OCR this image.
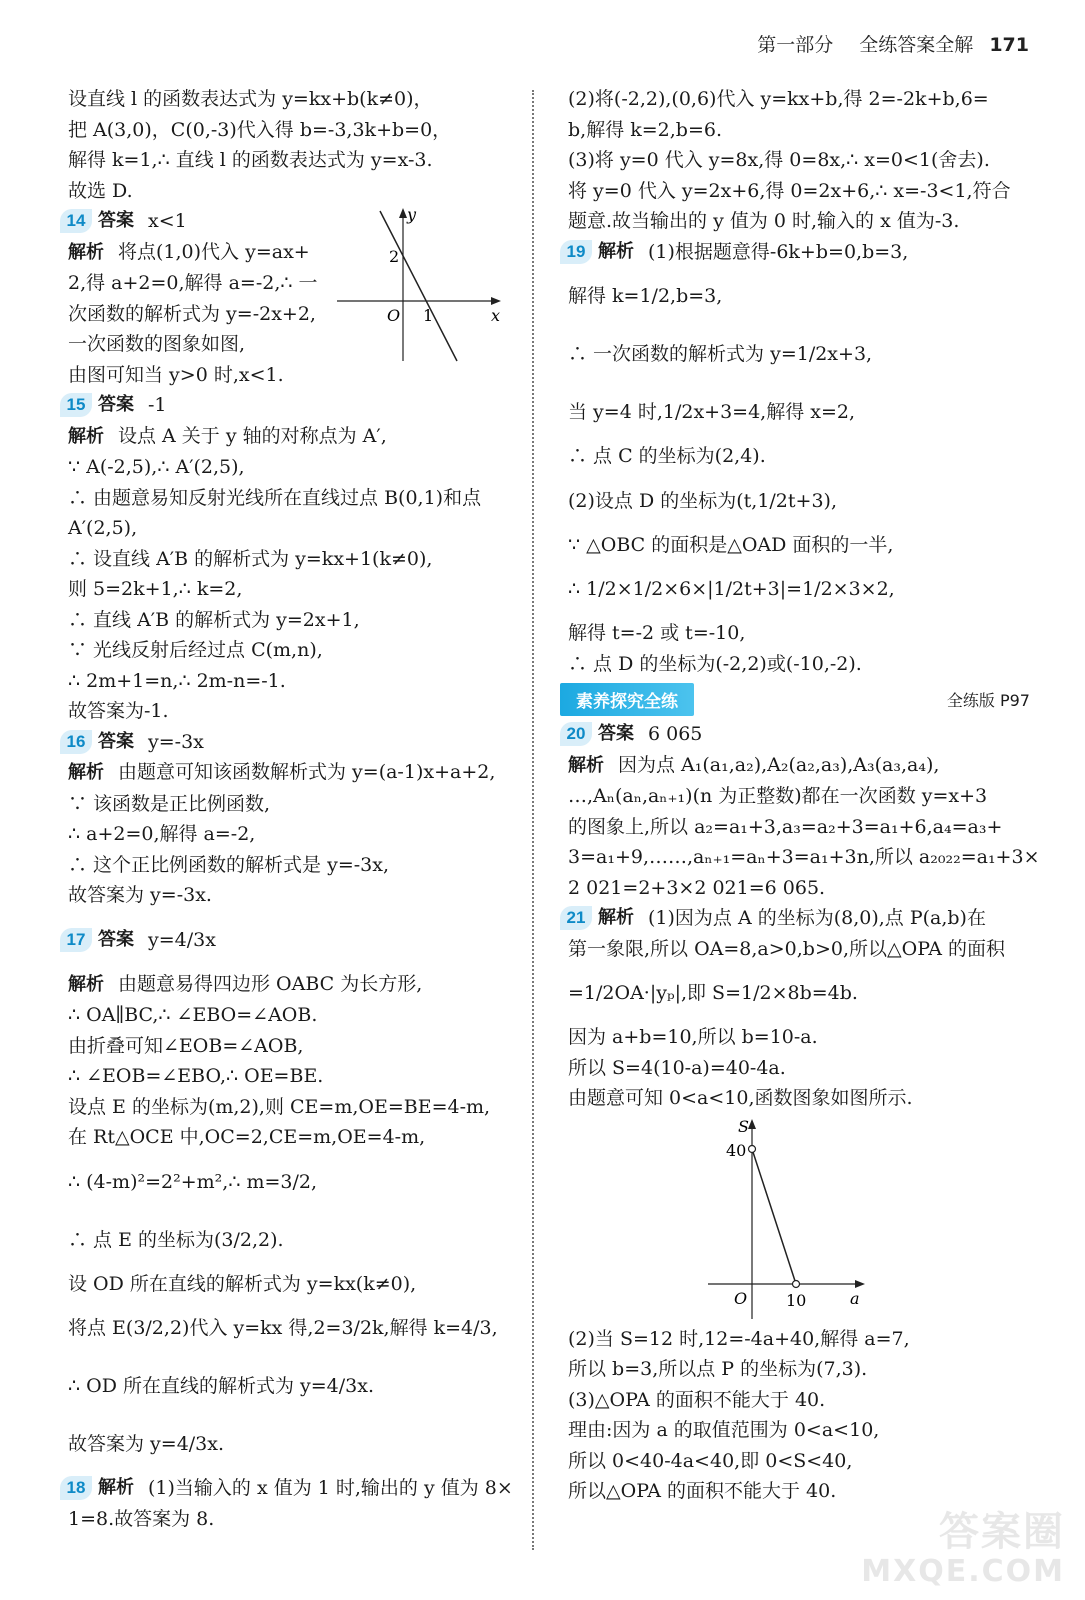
第一部分 全练答案全解 171
设直线 l 的函数表达式为 y=kx+b(k≠0)，
把 A(3,0)，C(0,-3)代入得 b=-3,3k+b=0，
解得 k=1,∴ 直线 l 的函数表达式为 y=x-3.
故选 D.
14 答案 x<1
解析 将点(1,0)代入 y=ax+
2,得 a+2=0,解得 a=-2,∴ 一
次函数的解析式为 y=-2x+2,
一次函数的图象如图,
由图可知当 y>0 时,x<1.
y
x
O
2
1
15 答案 -1
解析 设点 A 关于 y 轴的对称点为 A′,
∵ A(-2,5),∴ A′(2,5),
∴ 由题意易知反射光线所在直线过点 B(0,1)和点
A′(2,5),
∴ 设直线 A′B 的解析式为 y=kx+1(k≠0),
则 5=2k+1,∴ k=2,
∴ 直线 A′B 的解析式为 y=2x+1,
∵ 光线反射后经过点 C(m,n),
∴ 2m+1=n,∴ 2m-n=-1.
故答案为-1.
16 答案 y=-3x
解析 由题意可知该函数解析式为 y=(a-1)x+a+2,
∵ 该函数是正比例函数,
∴ a+2=0,解得 a=-2,
∴ 这个正比例函数的解析式是 y=-3x,
故答案为 y=-3x.
17 答案 y=4/3x
解析 由题意易得四边形 OABC 为长方形,
∴ OA∥BC,∴ ∠EBO=∠AOB.
由折叠可知∠EOB=∠AOB,
∴ ∠EOB=∠EBO,∴ OE=BE.
设点 E 的坐标为(m,2),则 CE=m,OE=BE=4-m,
在 Rt△OCE 中,OC=2,CE=m,OE=4-m,
∴ (4-m)²=2²+m²,∴ m=3/2,
∴ 点 E 的坐标为(3/2,2).
设 OD 所在直线的解析式为 y=kx(k≠0),
将点 E(3/2,2)代入 y=kx 得,2=3/2k,解得 k=4/3,
∴ OD 所在直线的解析式为 y=4/3x.
故答案为 y=4/3x.
18 解析 (1)当输入的 x 值为 1 时,输出的 y 值为 8×
1=8.故答案为 8.
(2)将(-2,2),(0,6)代入 y=kx+b,得 2=-2k+b,6=
b,解得 k=2,b=6.
(3)将 y=0 代入 y=8x,得 0=8x,∴ x=0<1(舍去).
将 y=0 代入 y=2x+6,得 0=2x+6,∴ x=-3<1,符合
题意.故当输出的 y 值为 0 时,输入的 x 值为-3.
19 解析 (1)根据题意得-6k+b=0,b=3,
解得 k=1/2,b=3,
∴ 一次函数的解析式为 y=1/2x+3,
当 y=4 时,1/2x+3=4,解得 x=2,
∴ 点 C 的坐标为(2,4).
(2)设点 D 的坐标为(t,1/2t+3),
∵ △OBC 的面积是△OAD 面积的一半,
∴ 1/2×1/2×6×|1/2t+3|=1/2×3×2,
解得 t=-2 或 t=-10,
∴ 点 D 的坐标为(-2,2)或(-10,-2).
素养探究全练	全练版 P97
20 答案 6 065
解析 因为点 A₁(a₁,a₂),A₂(a₂,a₃),A₃(a₃,a₄),
…,Aₙ(aₙ,aₙ₊₁)(n 为正整数)都在一次函数 y=x+3
的图象上,所以 a₂=a₁+3,a₃=a₂+3=a₁+6,a₄=a₃+
3=a₁+9,……,aₙ₊₁=aₙ+3=a₁+3n,所以 a₂₀₂₂=a₁+3×
2 021=2+3×2 021=6 065.
21 解析 (1)因为点 A 的坐标为(8,0),点 P(a,b)在
第一象限,所以 OA=8,a>0,b>0,所以△OPA 的面积
=1/2OA·|yₚ|,即 S=1/2×8b=4b.
因为 a+b=10,所以 b=10-a.
所以 S=4(10-a)=40-4a.
由题意可知 0<a<10,函数图象如图所示.
S
a
O
40
10
(2)当 S=12 时,12=-4a+40,解得 a=7,
所以 b=3,所以点 P 的坐标为(7,3).
(3)△OPA 的面积不能大于 40.
理由:因为 a 的取值范围为 0<a<10,
所以 0<40-4a<40,即 0<S<40,
所以△OPA 的面积不能大于 40.
答案圈
MXQE.COM
